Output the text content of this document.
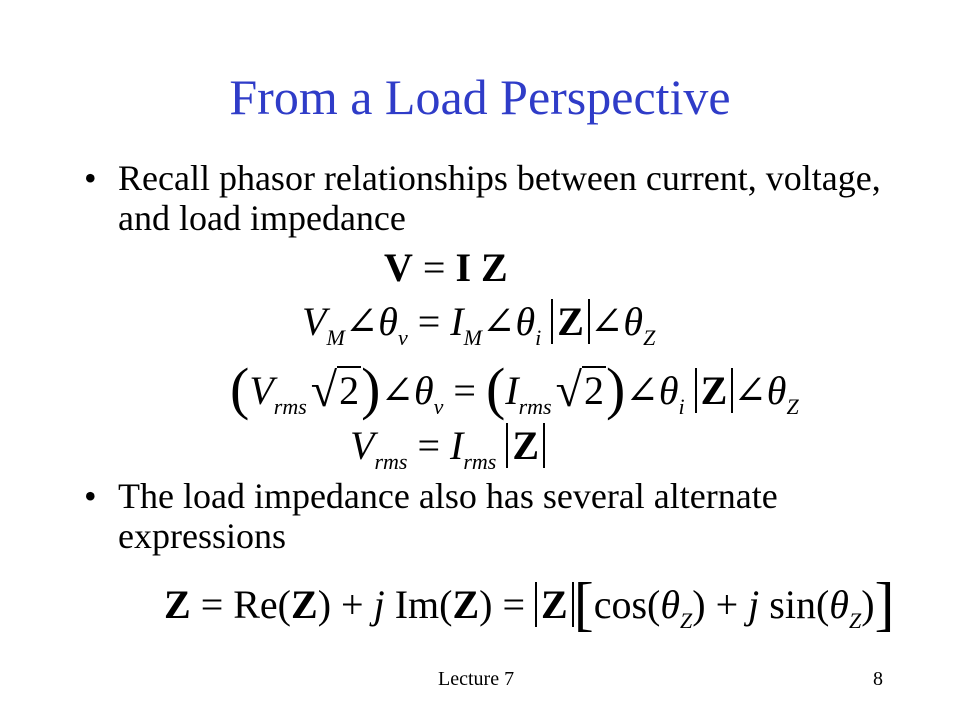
From a Load Perspective
• Recall phasor relationships between current, voltage, and load impedance
V = I Z
$V_M\angle\theta_v$ = $I_M\angle\theta_i$ Z $\angle\theta_Z$
$(V_{rms}√2)\angle\theta_v$ = $(I_{rms}√2)\angle\theta_i$ Z $\angle\theta_Z$
$V_{rms} = I_{rms}$ Z
• The load impedance also has several alternate expressions
Z = Re(Z) + j Im(Z) = Z [$\cos(\theta_Z) + j$ $\sin(\theta_Z)$]
Lecture 7	8
